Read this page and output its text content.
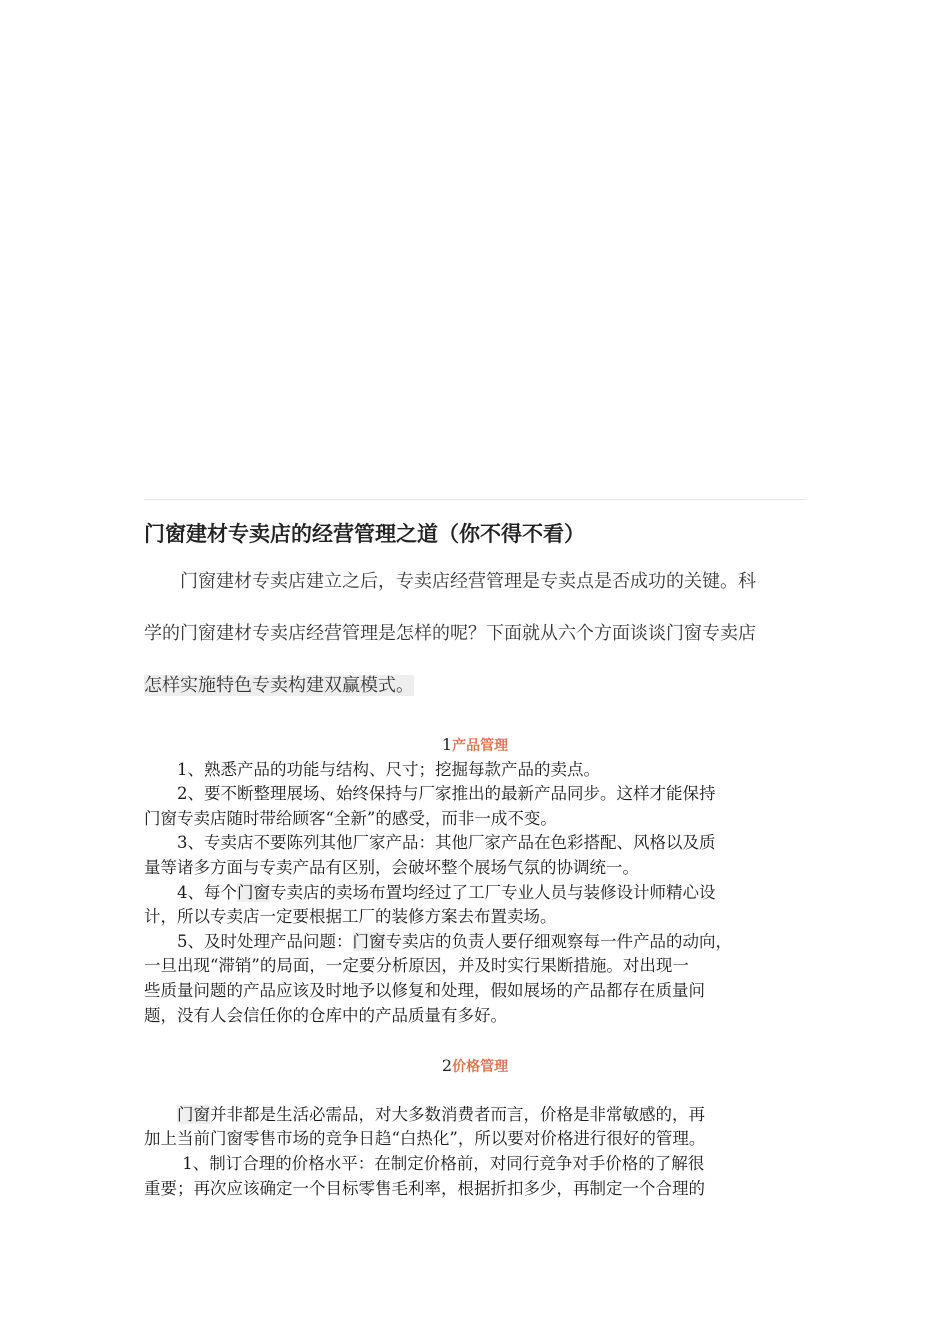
门窗建材专卖店的经营管理之道（你不得不看）
　　门窗建材专卖店建立之后，专卖店经营管理是专卖点是否成功的关键。科
学的门窗建材专卖店经营管理是怎样的呢？下面就从六个方面谈谈门窗专卖店
怎样实施特色专卖构建双赢模式。
1产品管理
　　1、熟悉产品的功能与结构、尺寸；挖掘每款产品的卖点。
　　2、要不断整理展场、始终保持与厂家推出的最新产品同步。这样才能保持
门窗专卖店随时带给顾客“全新”的感受，而非一成不变。
　　3、专卖店不要陈列其他厂家产品：其他厂家产品在色彩搭配、风格以及质
量等诸多方面与专卖产品有区别，会破坏整个展场气氛的协调统一。
　　4、每个门窗专卖店的卖场布置均经过了工厂专业人员与装修设计师精心设
计，所以专卖店一定要根据工厂的装修方案去布置卖场。
　　5、及时处理产品问题：门窗专卖店的负责人要仔细观察每一件产品的动向，
一旦出现“滞销”的局面，一定要分析原因，并及时实行果断措施。对出现一
些质量问题的产品应该及时地予以修复和处理，假如展场的产品都存在质量问
题，没有人会信任你的仓库中的产品质量有多好。
2价格管理
　　门窗并非都是生活必需品，对大多数消费者而言，价格是非常敏感的，再
加上当前门窗零售市场的竞争日趋“白热化”，所以要对价格进行很好的管理。
　　 1、制订合理的价格水平：在制定价格前，对同行竞争对手价格的了解很
重要；再次应该确定一个目标零售毛利率，根据折扣多少，再制定一个合理的
